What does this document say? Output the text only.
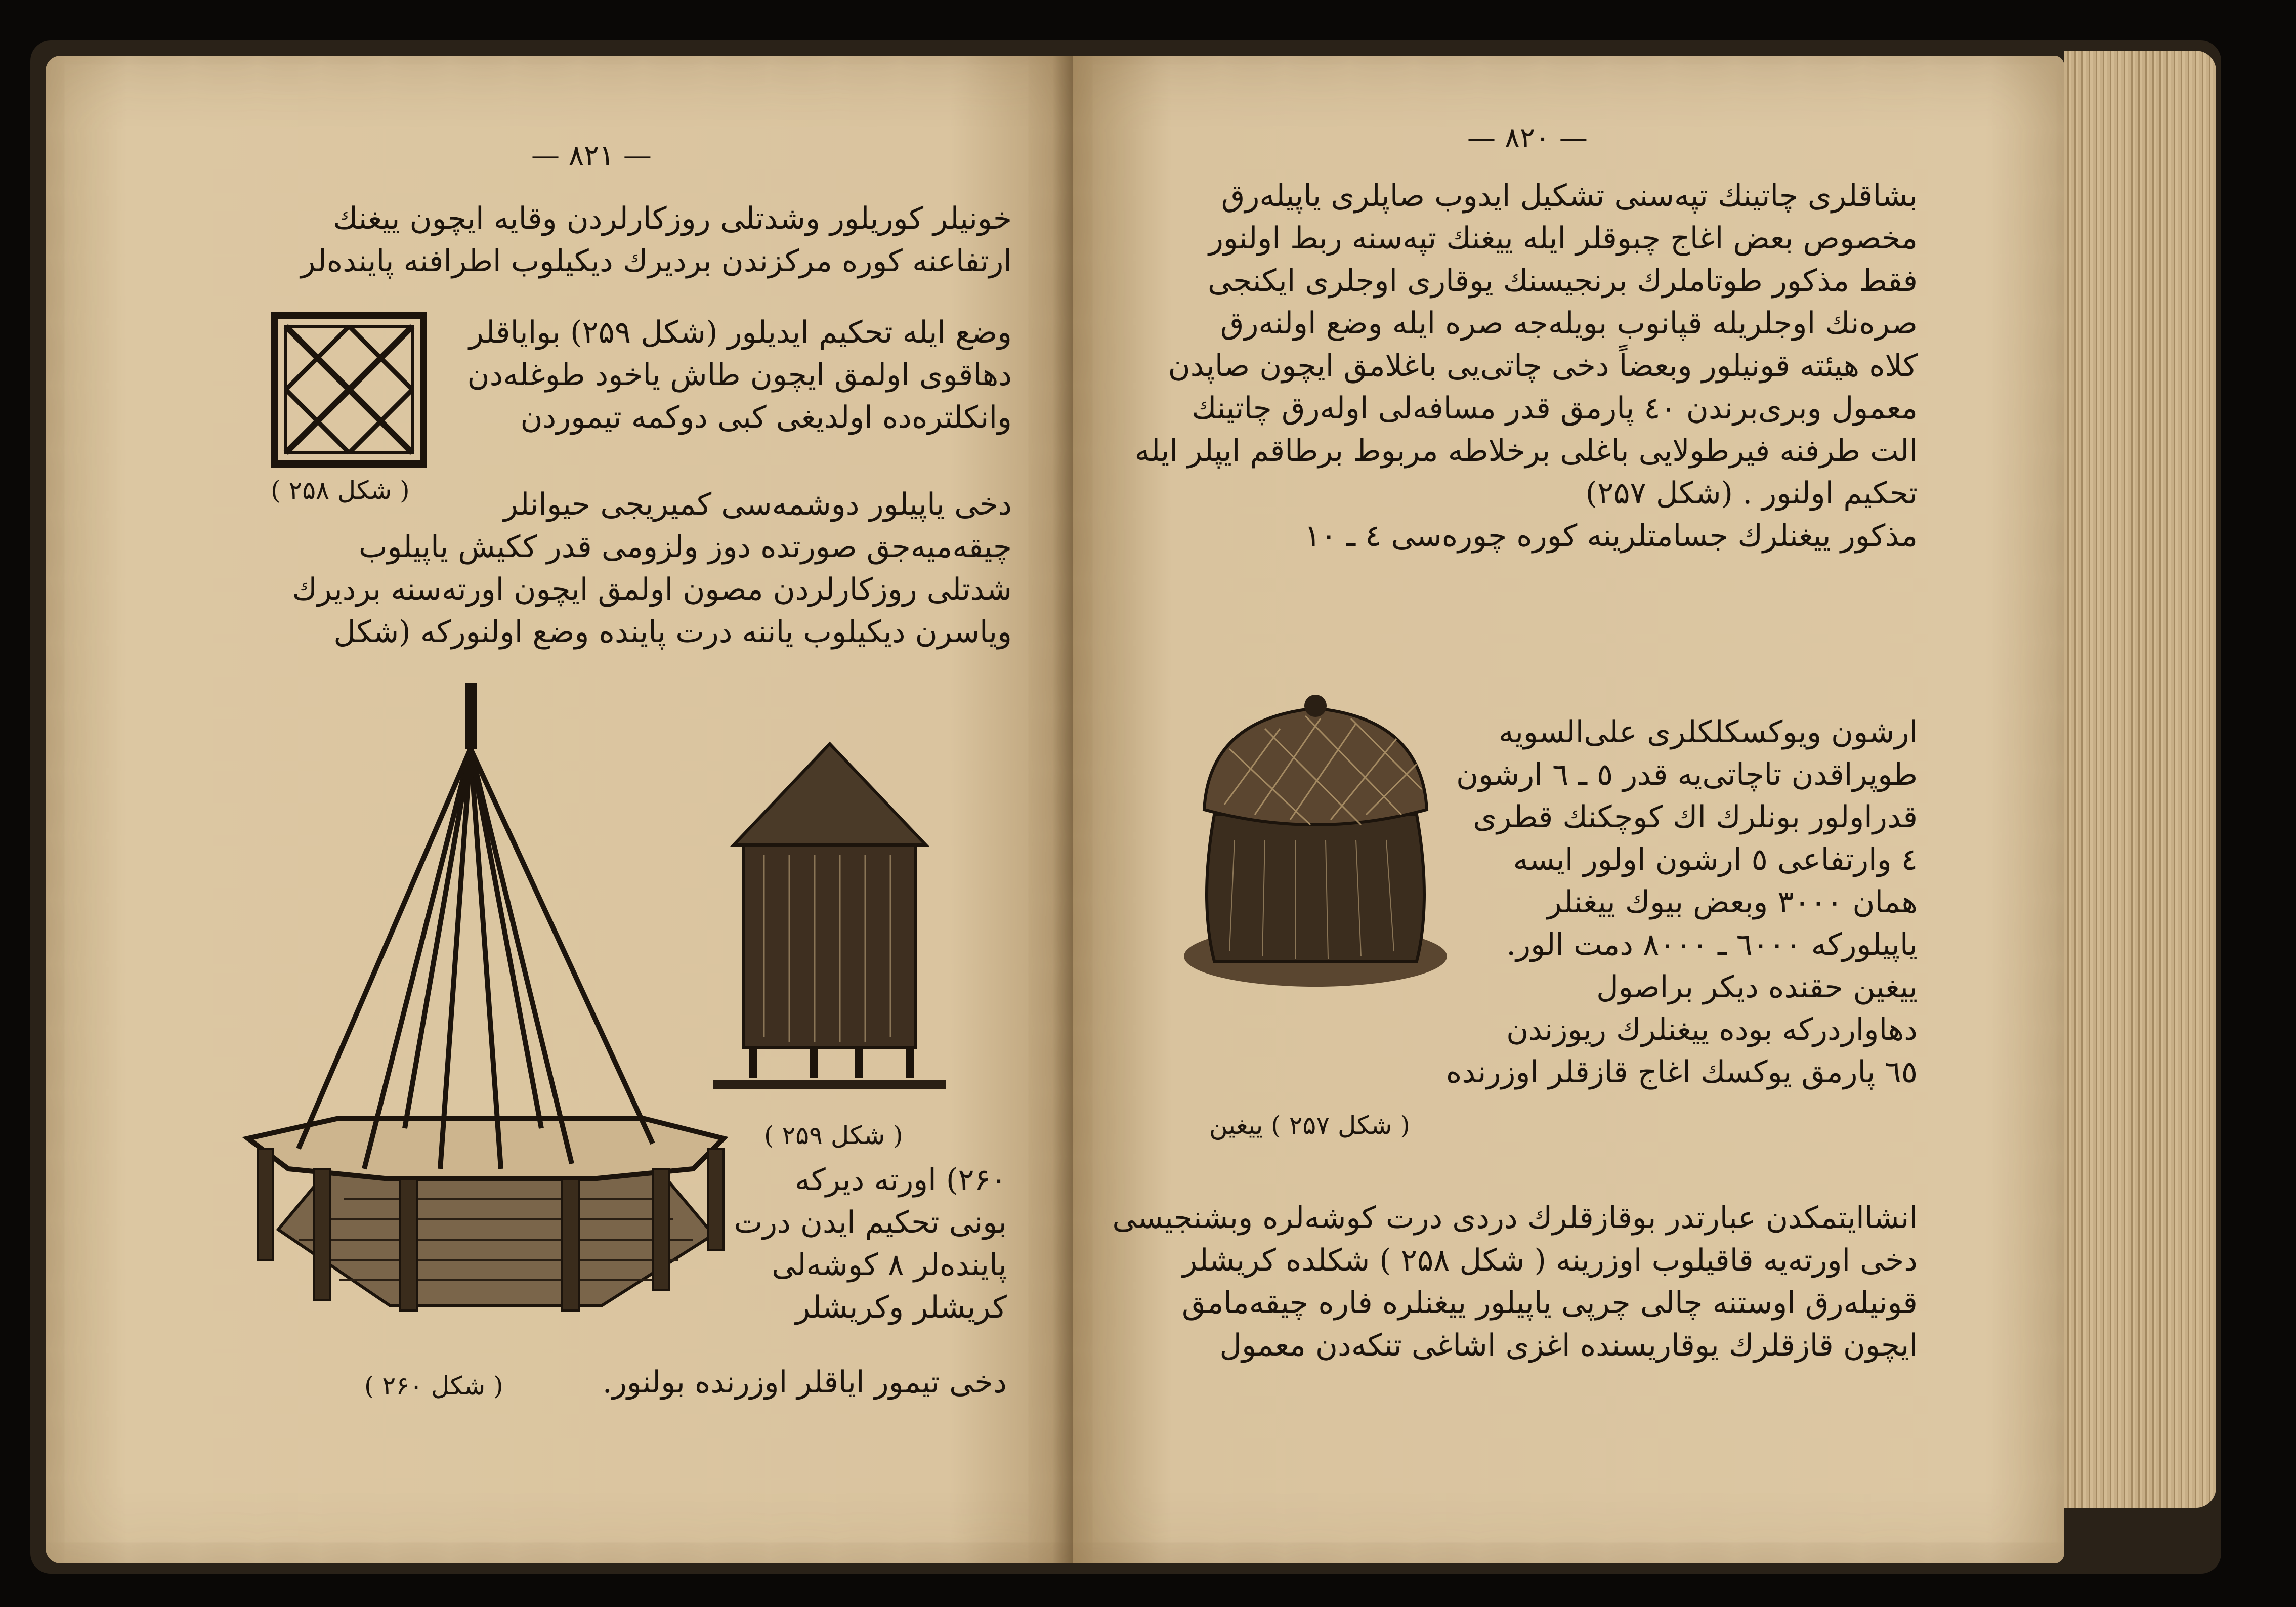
— ٨٢١ —
خونیلر کوریلور وشدتلی روزکارلردن وقایه ایچون ییغنك
ارتفاعنه کوره مرکزندن بردیرك دیکیلوب اطرافنه پاینده‌لر
( شکل ۲۵۸ )
وضع ایله تحکیم ایدیلور (شکل ۲۵۹) بوایاقلر
دهاقوی اولمق ایچون طاش یاخود طوغله‌دن
وانکلتره‌ده اولدیغی کبی دوکمه تیموردن
دخی یاپیلور دوشمه‌سی کمیریجی حیوانلر
چیقه‌میه‌جق صورتده دوز ولزومی قدر ککیش یاپیلوب
شدتلی روزکارلردن مصون اولمق ایچون اورته‌سنه بردیرك
ویاسرن دیکیلوب یاننه درت پاینده وضع اولنورکه (شکل
( شکل ۲۶۰ )
( شکل ۲۵۹ )
۲۶۰) اورته دیرکه
بونی تحکیم ایدن درت
پاینده‌لر ۸ کوشه‌لی
کریشلر وکریشلر
دخی تیمور ایاقلر اوزرنده بولنور.
— ٨٢٠ —
بشاقلری چاتینك تپه‌سنی تشکیل ایدوب صاپلری یاپیله‌رق
مخصوص بعض اغاج چبوقلر ایله ییغنك تپه‌سنه ربط اولنور
فقط مذکور طوتاملرك برنجیسنك یوقاری اوجلری ایکنجی
صره‌نك اوجلریله قپانوب بویله‌جه صره ایله وضع اولنه‌رق
کلاه هیئته قونیلور وبعضاً دخی چاتی‌یی باغلامق ایچون صاپدن
معمول وبری‌برندن ٤٠ پارمق قدر مسافه‌لی اوله‌رق چاتینك
الت طرفنه فیرطولایی باغلی برخلاطه مربوط برطاقم ایپلر ایله
تحکیم اولنور . (شکل ۲۵۷)
مذکور ییغنلرك جسامتلرینه کوره چوره‌سی ٤ ـ ١٠
( شکل ۲۵۷ ) ییغین
ارشون ویوکسکلکلری علی‌السویه
طوپراقدن تاچاتی‌یه قدر ٥ ـ ٦ ارشون
قدراولور بونلرك اك کوچکنك قطری
٤ وارتفاعی ٥ ارشون اولور ایسه
همان ٣٠٠٠ وبعض بیوك ییغنلر
یاپیلورکه ٦٠٠٠ ـ ٨٠٠٠ دمت الور.
ییغین حقنده دیکر براصول
دهاواردرکه بوده ییغنلرك ریوزندن
٦٥ پارمق یوکسك اغاج قازقلر اوزرنده
انشاایتمکدن عبارتدر بوقازقلرك دردی درت کوشه‌لره وبشنجیسی
دخی اورته‌یه قاقیلوب اوزرینه ( شکل ۲۵۸ ) شکلده کریشلر
قونیله‌رق اوستنه چالی چرپی یاپیلور ییغنلره فاره چیقه‌مامق
ایچون قازقلرك یوقاریسنده اغزی اشاغی تنکه‌دن معمول
